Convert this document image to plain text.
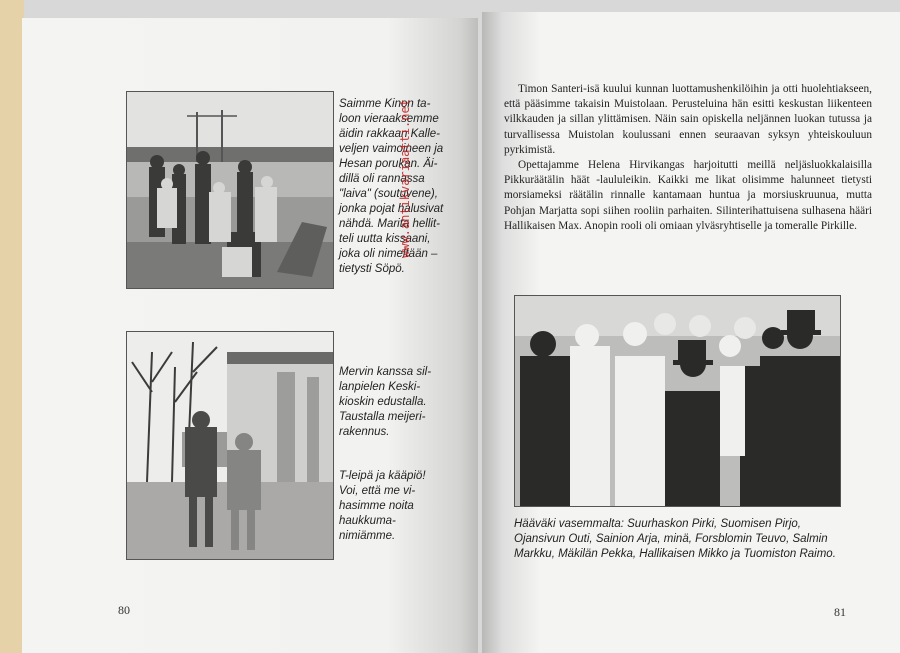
Saimme Kinon ta-
loon vieraaksemme
äidin rakkaan Kalle-
veljen vaimoineen ja
Hesan porukan. Äi-
dillä oli rannassa
"laiva" (soutuvene),
jonka pojat halusivat
nähdä. Marita hellit-
teli uutta kissaani,
joka oli nimeltään –
tietysti Söpö.
Mervin kanssa sil-
lanpielen Keski-
kioskin edustalla.
Taustalla meijeri-
rakennus.
T-leipä ja kääpiö!
Voi, että me vi-
hasimme noita
haukkuma-
nimiämme.
80
www.antikvariaatti.net

Timon Santeri-isä kuului kunnan luottamushenkilöihin ja otti huolehtiakseen, että pääsimme takaisin Muistolaan. Perusteluina hän esitti keskustan liikenteen vilkkauden ja sillan ylittämisen. Näin sain opiskella neljännen luokan tutussa ja turvallisessa Muistolan koulussani ennen seuraavan syksyn yhteiskouluun pyrkimistä.

Opettajamme Helena Hirvikangas harjoitutti meillä neljäsluokkalaisilla Pikkuräätälin häät -laululeikin. Kaikki me likat olisimme halunneet tietysti morsiameksi räätälin rinnalle kantamaan huntua ja morsiuskruunua, mutta Pohjan Marjatta sopi siihen rooliin parhaiten. Silinterihattuisena sulhasena hääri Hallikaisen Max. Anopin rooli oli omiaan ylväsryhtiselle ja tomeralle Pirkille.

Hääväki vasemmalta: Suurhaskon Pirki, Suomisen Pirjo, Ojansivun Outi, Sainion Arja, minä, Forsblomin Teuvo, Salmin Markku, Mäkilän Pekka, Hallikaisen Mikko ja Tuomiston Raimo.
81
